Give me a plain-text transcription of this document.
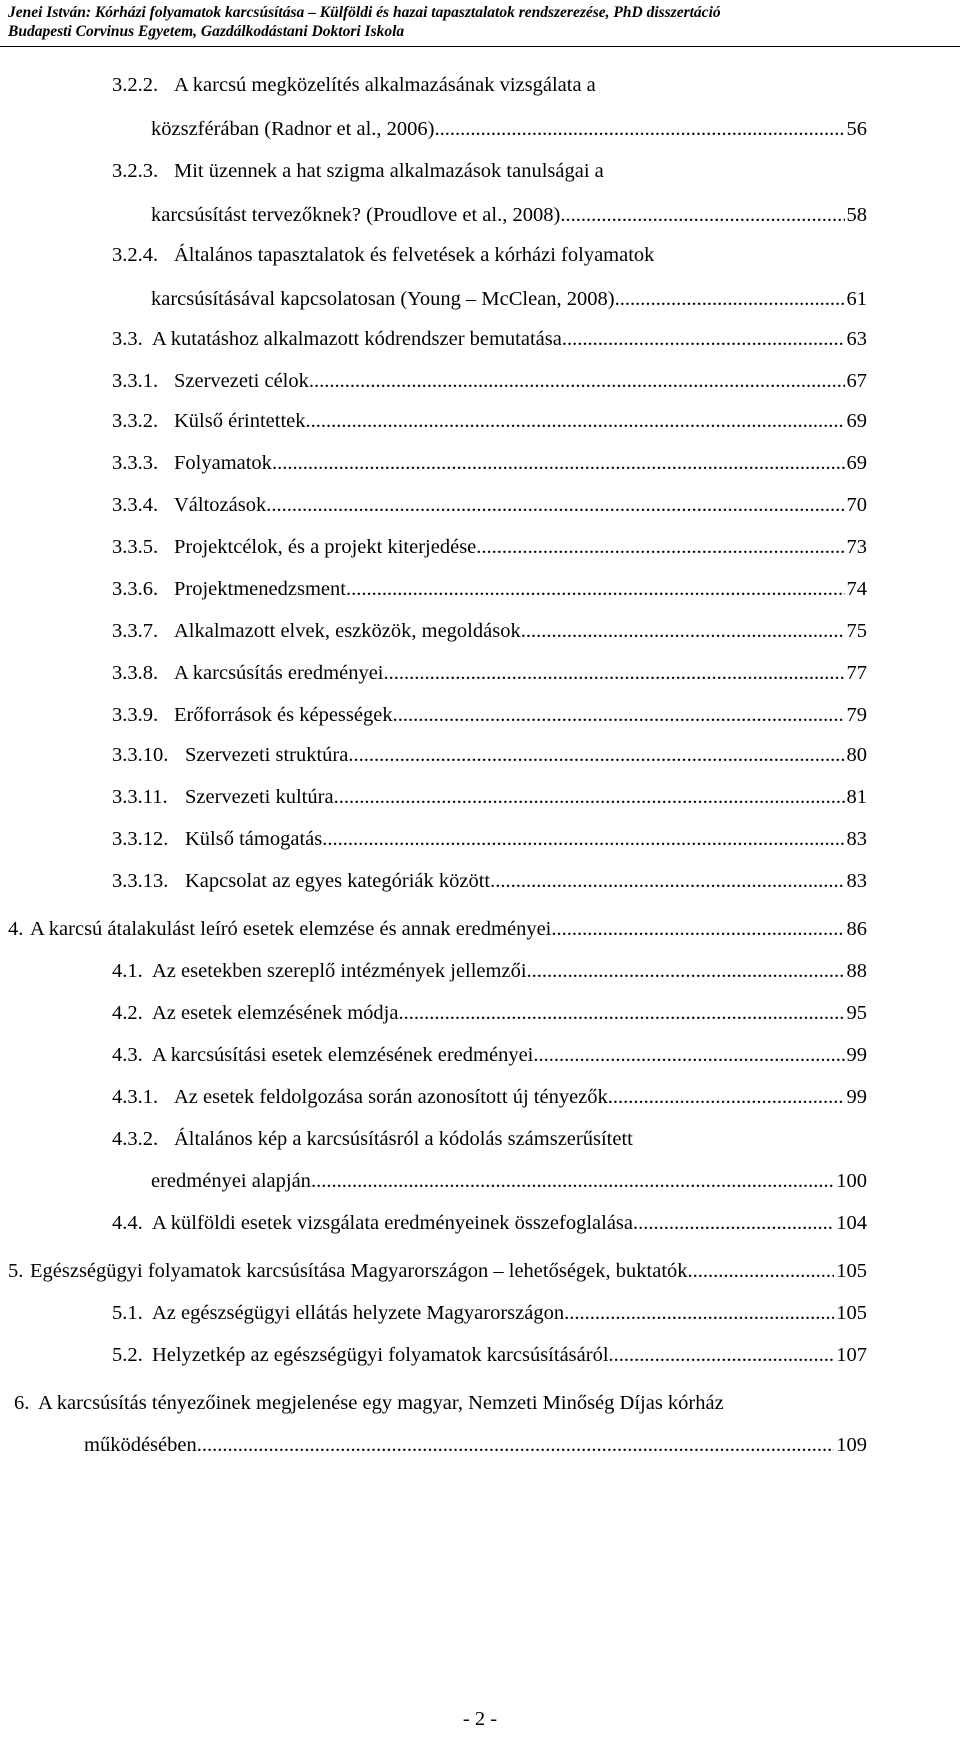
Jenei István: Kórházi folyamatok karcsúsítása – Külföldi és hazai tapasztalatok rendszerezése, PhD disszertáció
Budapesti Corvinus Egyetem, Gazdálkodástani Doktori Iskola
3.2.2. A karcsú megközelítés alkalmazásának vizsgálata a
közszférában (Radnor et al., 2006) .....	56
3.2.3. Mit üzennek a hat szigma alkalmazások tanulságai a
karcsúsítást tervezőknek? (Proudlove et al., 2008) .....	58
3.2.4. Általános tapasztalatok és felvetések a kórházi folyamatok
karcsúsításával kapcsolatosan (Young – McClean, 2008) .....	61
3.3. A kutatáshoz alkalmazott kódrendszer bemutatása .....	63
3.3.1. Szervezeti célok .....	67
3.3.2. Külső érintettek .....	69
3.3.3. Folyamatok .....	69
3.3.4. Változások .....	70
3.3.5. Projektcélok, és a projekt kiterjedése .....	73
3.3.6. Projektmenedzsment .....	74
3.3.7. Alkalmazott elvek, eszközök, megoldások .....	75
3.3.8. A karcsúsítás eredményei .....	77
3.3.9. Erőforrások és képességek .....	79
3.3.10. Szervezeti struktúra .....	80
3.3.11. Szervezeti kultúra .....	81
3.3.12. Külső támogatás .....	83
3.3.13. Kapcsolat az egyes kategóriák között .....	83
4. A karcsú átalakulást leíró esetek elemzése és annak eredményei .....	86
4.1. Az esetekben szereplő intézmények jellemzői .....	88
4.2. Az esetek elemzésének módja .....	95
4.3. A karcsúsítási esetek elemzésének eredményei .....	99
4.3.1. Az esetek feldolgozása során azonosított új tényezők .....	99
4.3.2. Általános kép a karcsúsításról a kódolás számszerűsített
eredményei alapján .....	100
4.4. A külföldi esetek vizsgálata eredményeinek összefoglalása .....	104
5. Egészségügyi folyamatok karcsúsítása Magyarországon – lehetőségek, buktatók. .....	105
5.1. Az egészségügyi ellátás helyzete Magyarországon .....	105
5.2. Helyzetkép az egészségügyi folyamatok karcsúsításáról .....	107
6. A karcsúsítás tényezőinek megjelenése egy magyar, Nemzeti Minőség Díjas kórház
működésében .....	109
- 2 -
